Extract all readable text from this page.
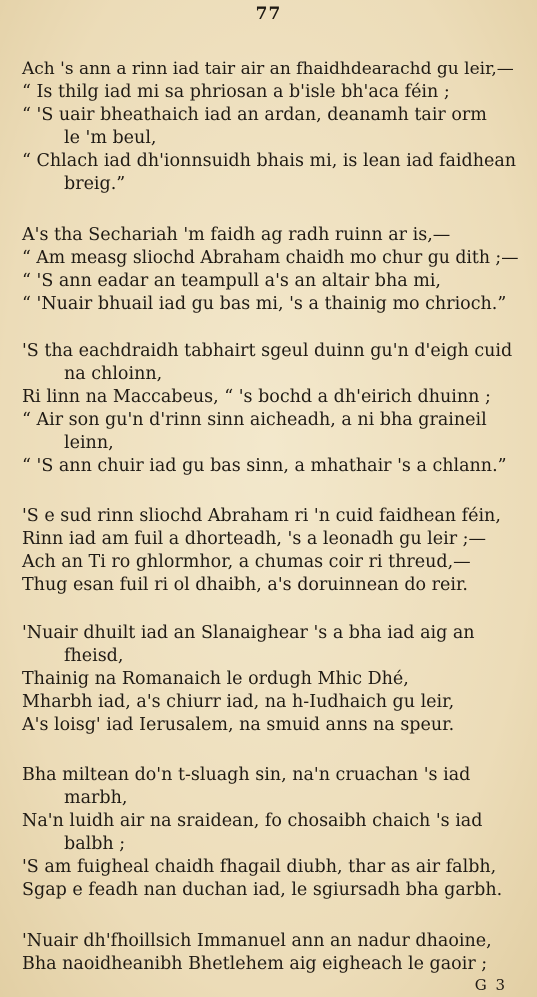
77
Ach 's ann a rinn iad tair air an fhaidhdearachd gu leir,—
“ Is thilg iad mi sa phriosan a b'isle bh'aca féin ;
“ 'S uair bheathaich iad an ardan, deanamh tair orm
le 'm beul,
“ Chlach iad dh'ionnsuidh bhais mi, is lean iad faidhean
breig.”
A's tha Sechariah 'm faidh ag radh ruinn ar is,—
“ Am measg sliochd Abraham chaidh mo chur gu dith ;—
“ 'S ann eadar an teampull a's an altair bha mi,
“ 'Nuair bhuail iad gu bas mi, 's a thainig mo chrioch.”
'S tha eachdraidh tabhairt sgeul duinn gu'n d'eigh cuid
na chloinn,
Ri linn na Maccabeus, “ 's bochd a dh'eirich dhuinn ;
“ Air son gu'n d'rinn sinn aicheadh, a ni bha graineil
leinn,
“ 'S ann chuir iad gu bas sinn, a mhathair 's a chlann.”
'S e sud rinn sliochd Abraham ri 'n cuid faidhean féin,
Rinn iad am fuil a dhorteadh, 's a leonadh gu leir ;—
Ach an Ti ro ghlormhor, a chumas coir ri threud,—
Thug esan fuil ri ol dhaibh, a's doruinnean do reir.
'Nuair dhuilt iad an Slanaighear 's a bha iad aig an
fheisd,
Thainig na Romanaich le ordugh Mhic Dhé,
Mharbh iad, a's chiurr iad, na h-Iudhaich gu leir,
A's loisg' iad Ierusalem, na smuid anns na speur.
Bha miltean do'n t-sluagh sin, na'n cruachan 's iad
marbh,
Na'n luidh air na sraidean, fo chosaibh chaich 's iad
balbh ;
'S am fuigheal chaidh fhagail diubh, thar as air falbh,
Sgap e feadh nan duchan iad, le sgiursadh bha garbh.
'Nuair dh'fhoillsich Immanuel ann an nadur dhaoine,
Bha naoidheanibh Bhetlehem aig eigheach le gaoir ;
G 3
